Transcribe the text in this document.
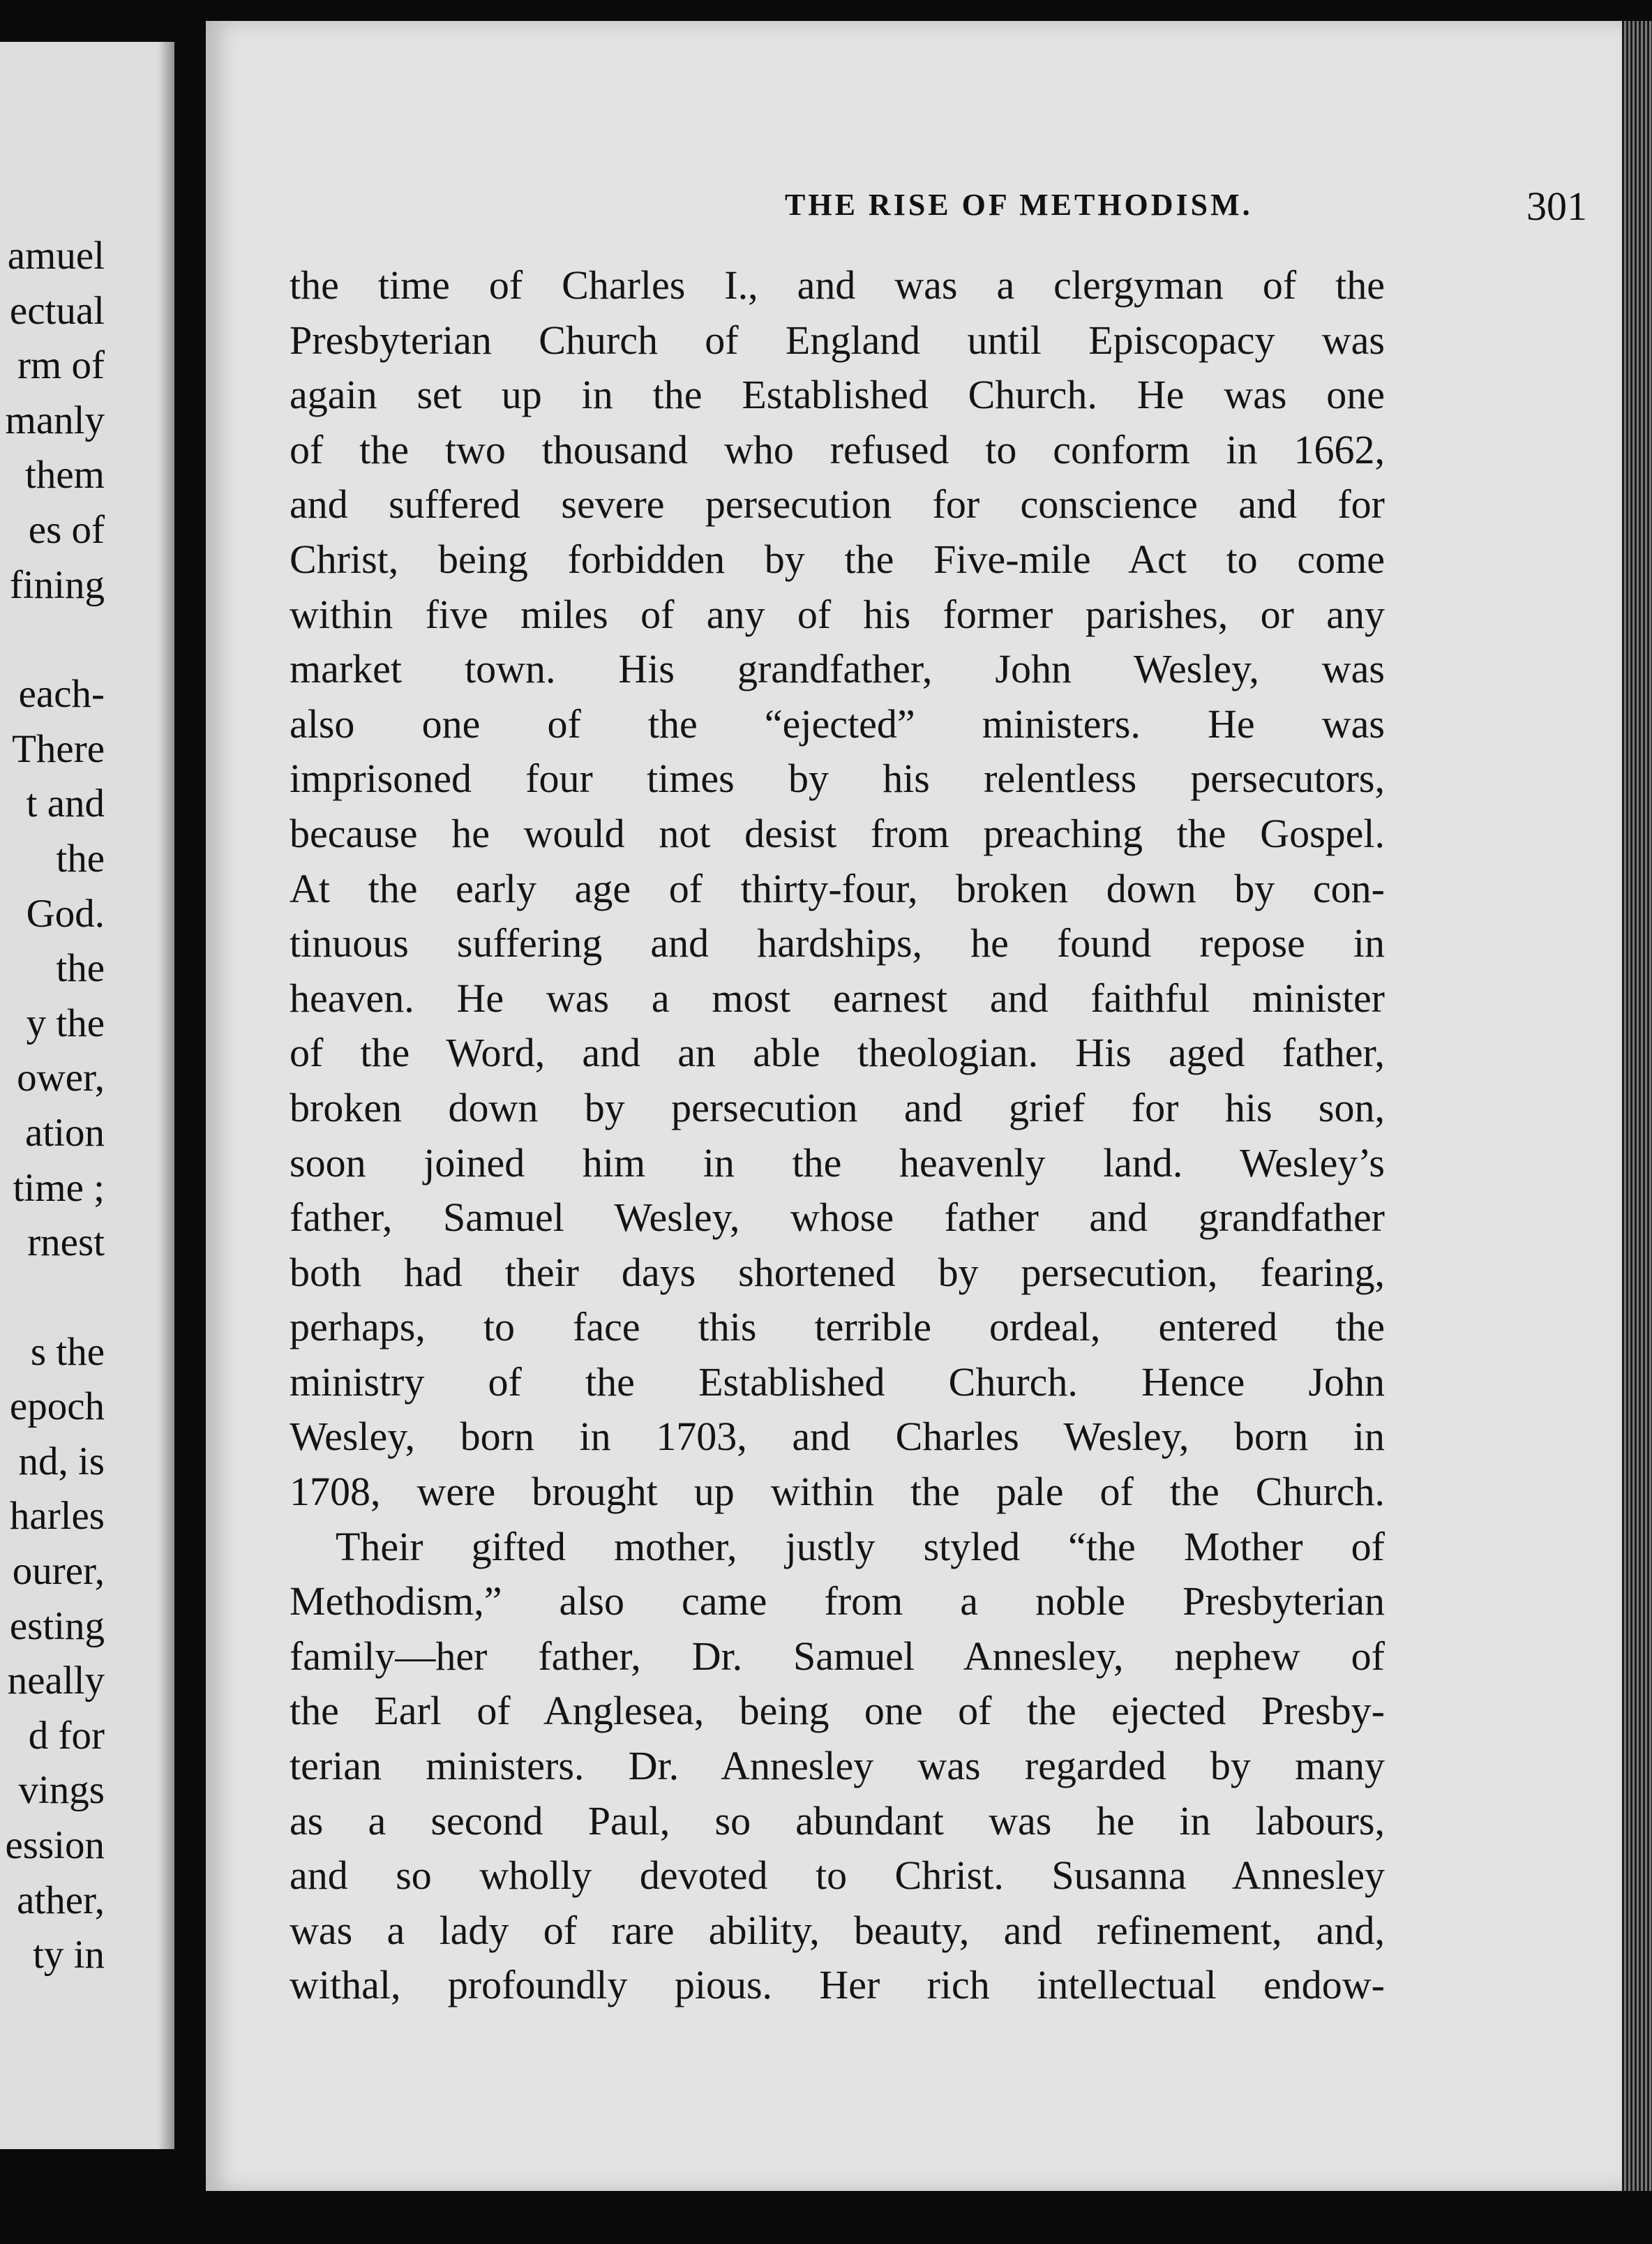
amuel
ectual
rm of
manly
them
es of
fining
each-
There
t and
the
God.
the
y the
ower,
ation
time ;
rnest
s the
epoch
nd, is
harles
ourer,
esting
neally
d for
vings
ession
ather,
ty in
THE RISE OF METHODISM.	301
the time of Charles I., and was a clergyman of the
Presbyterian Church of England until Episcopacy was
again set up in the Established Church. He was one
of the two thousand who refused to conform in 1662,
and suffered severe persecution for conscience and for
Christ, being forbidden by the Five-mile Act to come
within five miles of any of his former parishes, or any
market town. His grandfather, John Wesley, was
also one of the “ejected” ministers. He was
imprisoned four times by his relentless persecutors,
because he would not desist from preaching the Gospel.
At the early age of thirty-four, broken down by con-
tinuous suffering and hardships, he found repose in
heaven. He was a most earnest and faithful minister
of the Word, and an able theologian. His aged father,
broken down by persecution and grief for his son,
soon joined him in the heavenly land. Wesley’s
father, Samuel Wesley, whose father and grandfather
both had their days shortened by persecution, fearing,
perhaps, to face this terrible ordeal, entered the
ministry of the Established Church. Hence John
Wesley, born in 1703, and Charles Wesley, born in
1708, were brought up within the pale of the Church.
Their gifted mother, justly styled “the Mother of
Methodism,” also came from a noble Presbyterian
family—her father, Dr. Samuel Annesley, nephew of
the Earl of Anglesea, being one of the ejected Presby-
terian ministers. Dr. Annesley was regarded by many
as a second Paul, so abundant was he in labours,
and so wholly devoted to Christ. Susanna Annesley
was a lady of rare ability, beauty, and refinement, and,
withal, profoundly pious. Her rich intellectual endow-
